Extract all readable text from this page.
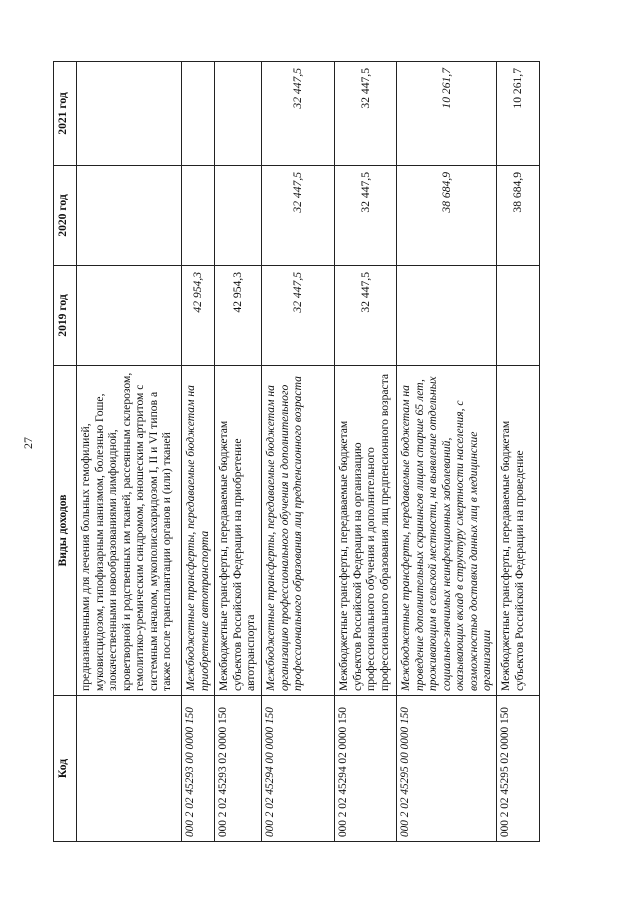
27
Код	Виды доходов	2019 год	2020 год	2021 год
	предназначенными для лечения больных гемофилией, муковисцидозом, гипофизарным нанизмом, болезнью Гоше, злокачественными новообразованиями лимфоидной, кроветворной и родственных им тканей, рассеянным склерозом, гемолитико-уремическим синдромом, юношеским артритом с системным началом, мукополисахаридозом I, II и VI типов а также после трансплантации органов и (или) тканей			
000 2 02 45293 00 0000 150	Межбюджетные трансферты, передаваемые бюджетам на приобретение автотранспорта	42 954,3		
000 2 02 45293 02 0000 150	Межбюджетные трансферты, передаваемые бюджетам субъектов Российской Федерации на приобретение автотранспорта	42 954,3		
000 2 02 45294 00 0000 150	Межбюджетные трансферты, передаваемые бюджетам на организацию профессионального обучения и дополнительного профессионального образования лиц предпенсионного возраста	32 447,5	32 447,5	32 447,5
000 2 02 45294 02 0000 150	Межбюджетные трансферты, передаваемые бюджетам субъектов Российской Федерации на организацию профессионального обучения и дополнительного профессионального образования лиц предпенсионного возраста	32 447,5	32 447,5	32 447,5
000 2 02 45295 00 0000 150	Межбюджетные трансферты, передаваемые бюджетам на проведение дополнительных скринингов лицам старше 65 лет, проживающим в сельской местности, на выявление отдельных социально-значимых неинфекционных заболеваний, оказывающих вклад в структуру смертности населения, с возможностью доставки данных лиц в медицинские организации		38 684,9	10 261,7
000 2 02 45295 02 0000 150	Межбюджетные трансферты, передаваемые бюджетам субъектов Российской Федерации на проведение		38 684,9	10 261,7
